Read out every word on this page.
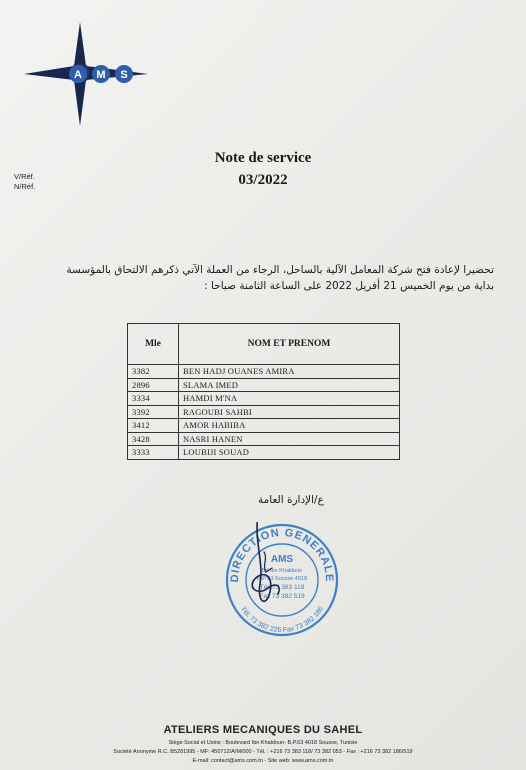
A M S
V/Réf.
N/Réf.
Note de service
03/2022
تحضيرا لإعادة فتح شركة المعامل الآلية بالساحل، الرجاء من العملة الآتي ذكرهم الالتحاق بالمؤسسة
بداية من يوم الخميس 21 أفريل 2022 على الساعة الثامنة صباحا :
Mle	NOM ET PRENOM
3382	BEN HADJ OUANES AMIRA
2896	SLAMA IMED
3334	HAMDI M'NA
3392	RAGOUBI SAHBI
3412	AMOR HABIBA
3428	NASRI HANEN
3333	LOUBIJI SOUAD
ع/الإدارة العامة
DIRECTION GENERALE
Tél. 73 382 226 Fax 73 382 186
AMS
Bd Ibn Khaldoun
B.P 63 Sousse 4018
Tél. 73 383 119
Fax 73 382 519
ATELIERS MECANIQUES DU SAHEL
Siège Social et Usine : Boulevard Ibn Khaldoun- B.P.63 4018 Sousse, Tunisie
Société Anonyme R.C. B5281995 - MF: 450712/A/M/000 - Tél. : +216 73 383 118/ 73 382 053 - Fax : +216 73 382 186/519
E-mail: contact@ams.com.tn - Site web: www.ams.com.tn
